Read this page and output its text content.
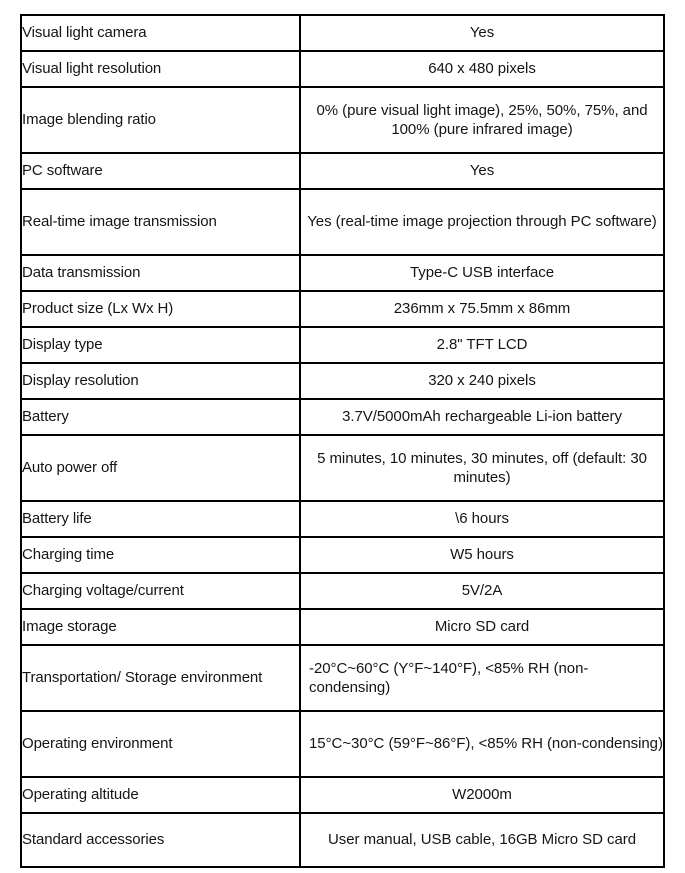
Visual light camera	Yes

Visual light resolution	640 x 480 pixels

Image blending ratio	0% (pure visual light image), 25%, 50%, 75%, and 100% (pure infrared image)

PC software	Yes

Real-time image transmission	Yes (real-time image projection through PC software)

Data transmission	Type-C USB interface

Product size (Lx Wx H)	236mm x 75.5mm x 86mm

Display type	2.8" TFT LCD

Display resolution	320 x 240 pixels

Battery	3.7V/5000mAh rechargeable Li-ion battery

Auto power off	5 minutes, 10 minutes, 30 minutes, off (default: 30 minutes)

Battery life	\6 hours

Charging time	W5 hours

Charging voltage/current	5V/2A

Image storage	Micro SD card

Transportation/ Storage environment	-20°C~60°C (Y°F~140°F), <85% RH (non-condensing)

Operating environment	15°C~30°C (59°F~86°F), <85% RH (non-condensing)

Operating altitude	W2000m

Standard accessories	User manual, USB cable, 16GB Micro SD card
